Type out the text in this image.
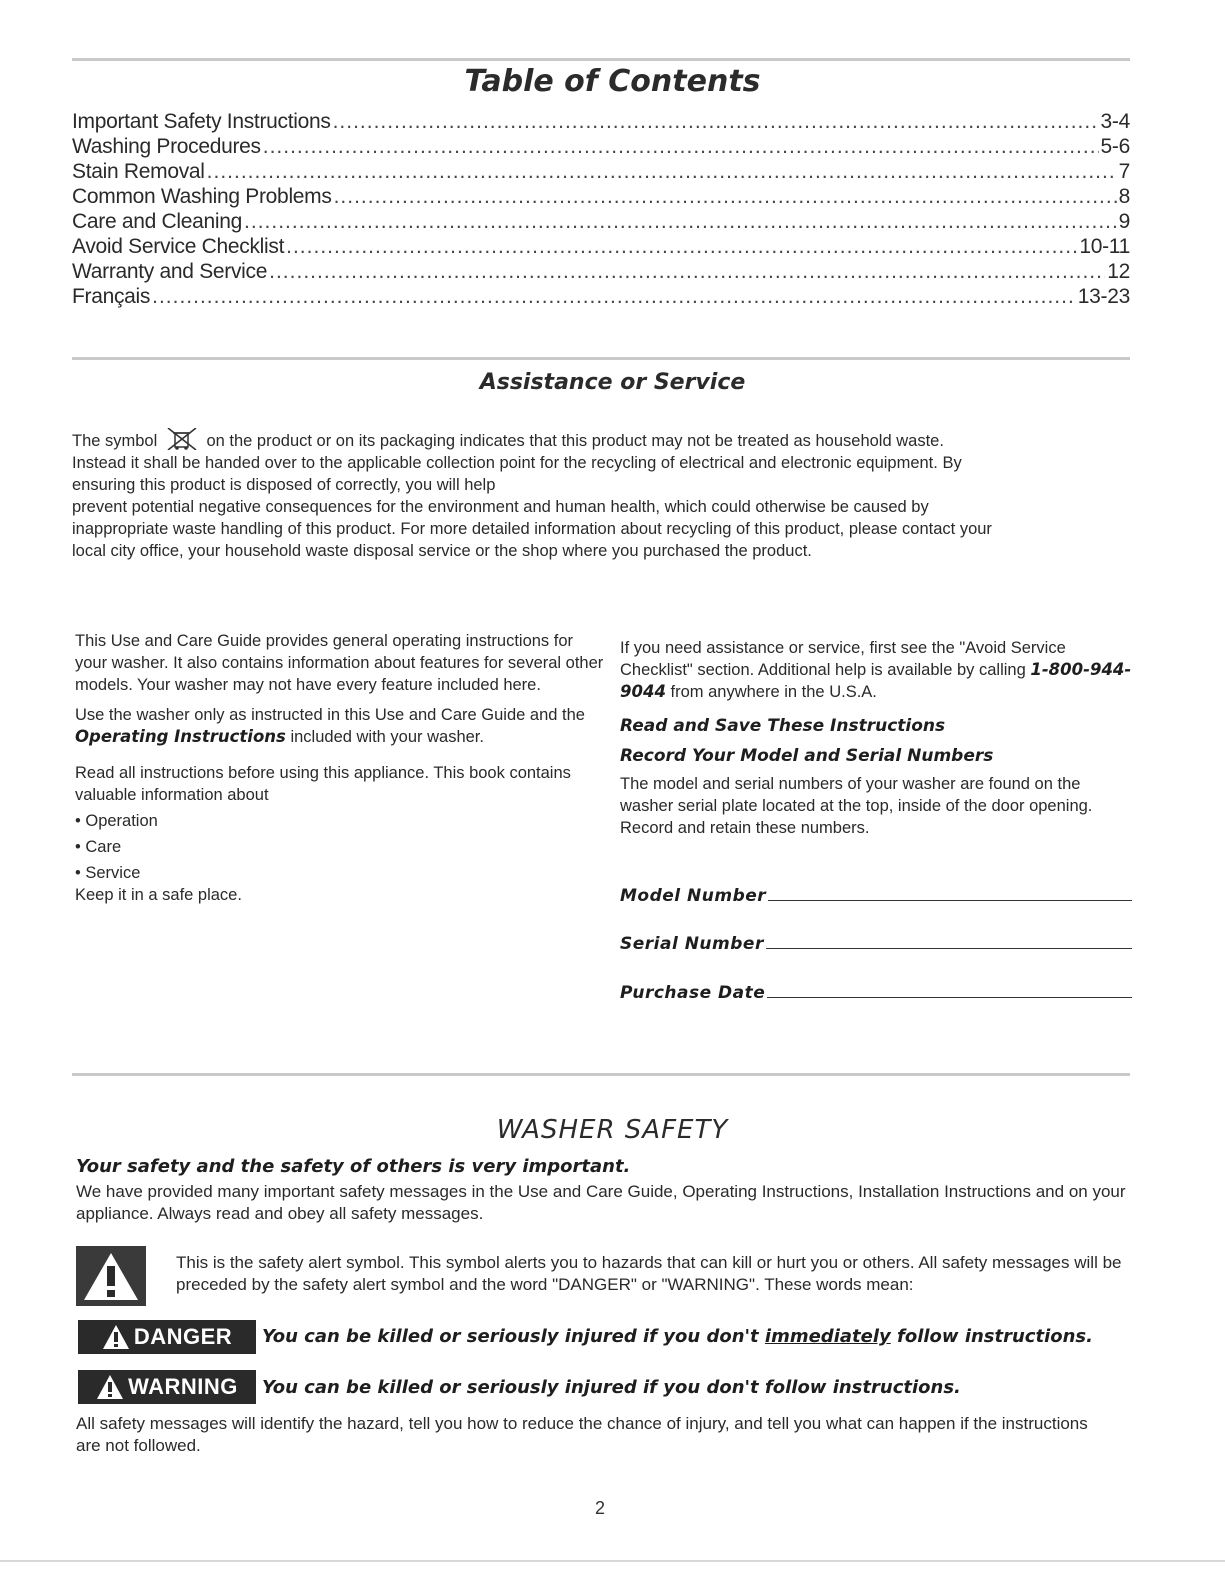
Table of Contents
Important Safety Instructions .....	3-4
Washing Procedures .....	5-6
Stain Removal .....	7
Common Washing Problems .....	8
Care and Cleaning .....	9
Avoid Service Checklist .....	10-11
Warranty and Service .....	12
Français .....	13-23
Assistance or Service

The symbol	on the product or on its packaging indicates that this product may not be treated as household waste.

Instead it shall be handed over to the applicable collection point for the recycling of electrical and electronic equipment. By

ensuring this product is disposed of correctly, you will help

prevent potential negative consequences for the environment and human health, which could otherwise be caused by

inappropriate waste handling of this product. For more detailed information about recycling of this product, please contact your

local city office, your household waste disposal service or the shop where you purchased the product.

This Use and Care Guide provides general operating instructions for your washer. It also contains information about features for several other models. Your washer may not have every feature included here.

Use the washer only as instructed in this Use and Care Guide and the Operating Instructions included with your washer.

Read all instructions before using this appliance. This book contains valuable information about

• Operation

• Care

• Service

Keep it in a safe place.

If you need assistance or service, first see the "Avoid Service Checklist" section. Additional help is available by calling 1-800-944-9044 from anywhere in the U.S.A.

Read and Save These Instructions

Record Your Model and Serial Numbers

The model and serial numbers of your washer are found on the washer serial plate located at the top, inside of the door opening. Record and retain these numbers.

Model Number
Serial Number
Purchase Date
WASHER SAFETY
Your safety and the safety of others is very important.
We have provided many important safety messages in the Use and Care Guide, Operating Instructions, Installation Instructions and on your appliance. Always read and obey all safety messages.
This is the safety alert symbol. This symbol alerts you to hazards that can kill or hurt you or others. All safety messages will be preceded by the safety alert symbol and the word "DANGER" or "WARNING". These words mean:
DANGER You can be killed or seriously injured if you don't immediately follow instructions.
WARNING You can be killed or seriously injured if you don't follow instructions.
All safety messages will identify the hazard, tell you how to reduce the chance of injury, and tell you what can happen if the instructions are not followed.
2
